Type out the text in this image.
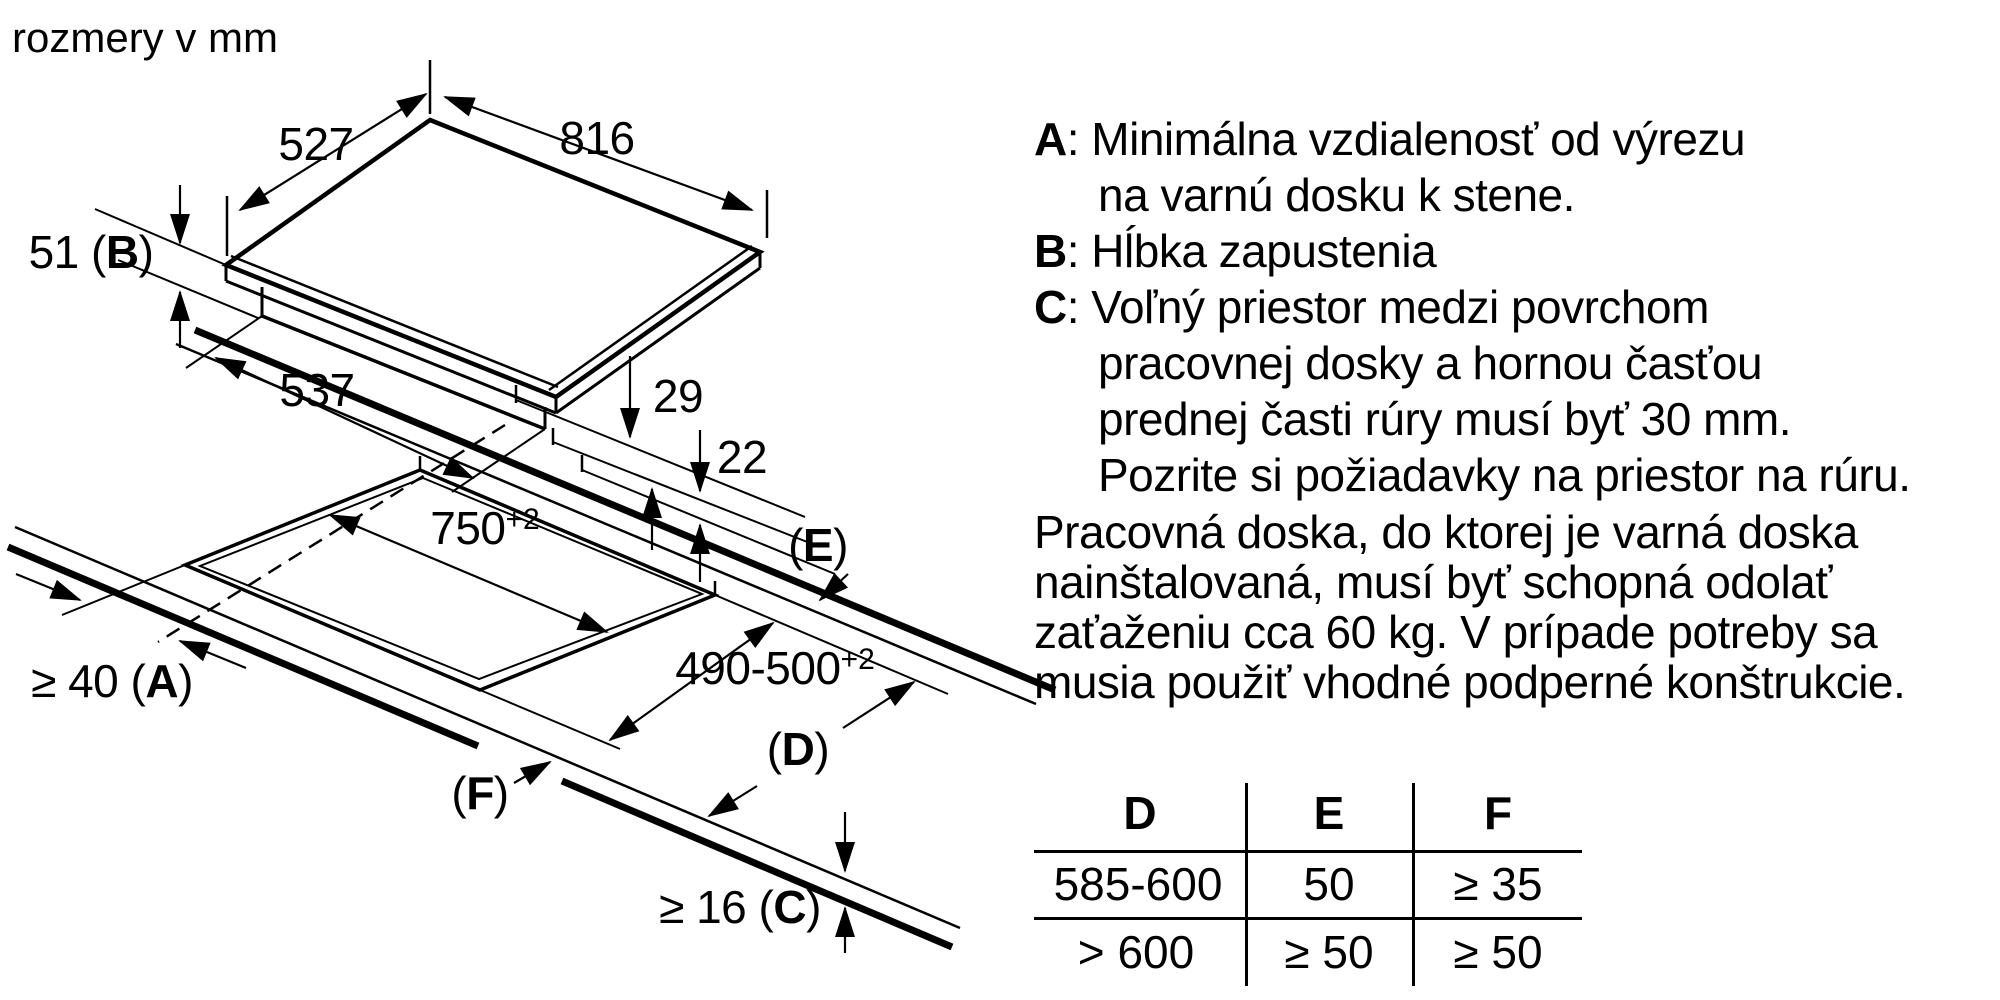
rozmery v mm
527	816
51 (B)
537	29
22
$750^{+2}$
$490-500^{+2}$
(E)
(D)
(F)
≥ 40 (A)
≥ 16 (C)
A: Minimálna vzdialenosť od výrezu
na varnú dosku k stene.
B: Hĺbka zapustenia
C: Voľný priestor medzi povrchom
pracovnej dosky a hornou časťou
prednej časti rúry musí byť 30 mm.
Pozrite si požiadavky na priestor na rúru.
Pracovná doska, do ktorej je varná doska
nainštalovaná, musí byť schopná odolať
zaťaženiu cca 60 kg. V prípade potreby sa
musia použiť vhodné podperné konštrukcie.
D	E	F
585-600 50 ≥ 35
> 600 ≥ 50 ≥ 50
